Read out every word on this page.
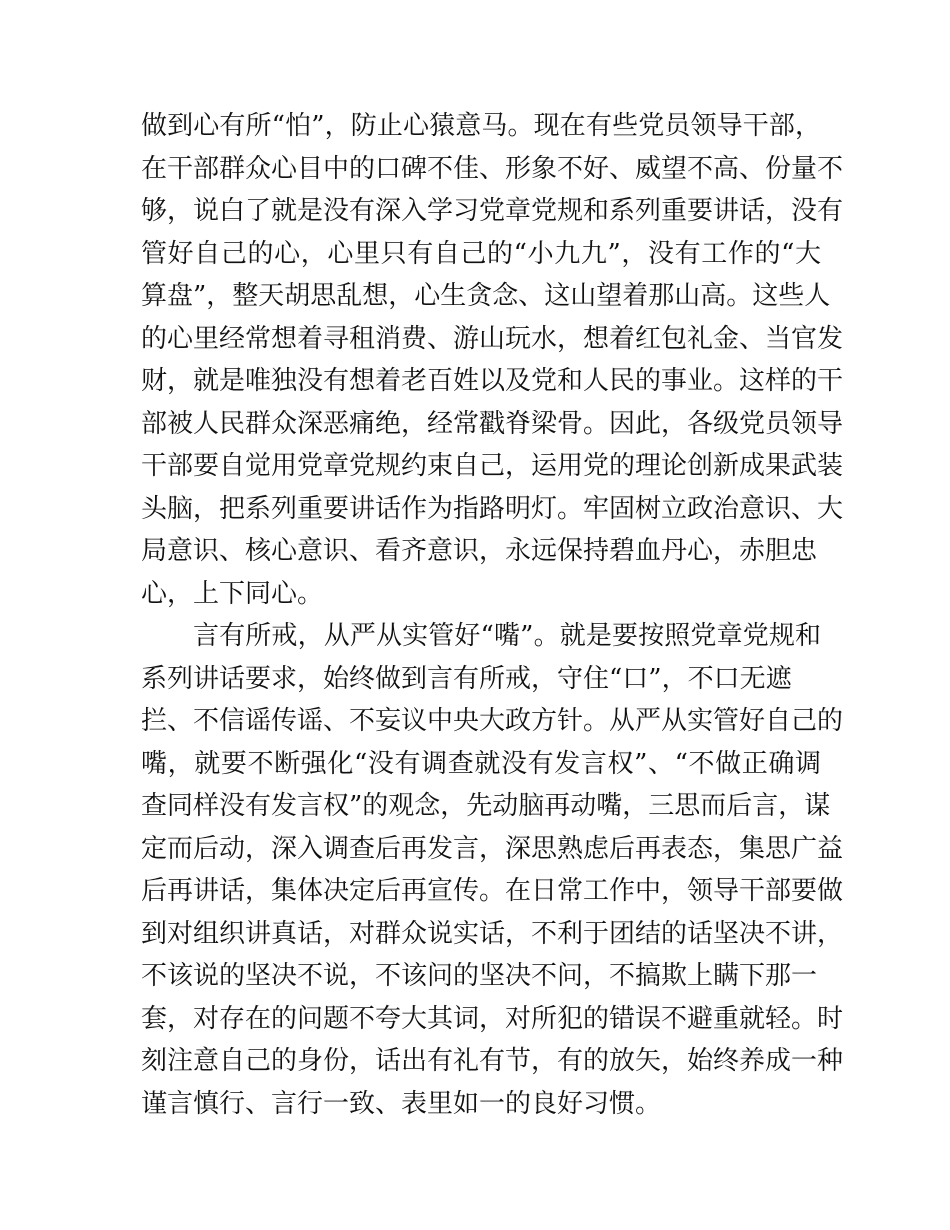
做到心有所“怕”，防止心猿意马。现在有些党员领导干部，
在干部群众心目中的口碑不佳、形象不好、威望不高、份量不
够，说白了就是没有深入学习党章党规和系列重要讲话，没有
管好自己的心，心里只有自己的“小九九”，没有工作的“大
算盘”，整天胡思乱想，心生贪念、这山望着那山高。这些人
的心里经常想着寻租消费、游山玩水，想着红包礼金、当官发
财，就是唯独没有想着老百姓以及党和人民的事业。这样的干
部被人民群众深恶痛绝，经常戳脊梁骨。因此，各级党员领导
干部要自觉用党章党规约束自己，运用党的理论创新成果武装
头脑，把系列重要讲话作为指路明灯。牢固树立政治意识、大
局意识、核心意识、看齐意识，永远保持碧血丹心，赤胆忠
心，上下同心。
言有所戒，从严从实管好“嘴”。就是要按照党章党规和
系列讲话要求，始终做到言有所戒，守住“口”，不口无遮
拦、不信谣传谣、不妄议中央大政方针。从严从实管好自己的
嘴，就要不断强化“没有调查就没有发言权”、“不做正确调
查同样没有发言权”的观念，先动脑再动嘴，三思而后言，谋
定而后动，深入调查后再发言，深思熟虑后再表态，集思广益
后再讲话，集体决定后再宣传。在日常工作中，领导干部要做
到对组织讲真话，对群众说实话，不利于团结的话坚决不讲，
不该说的坚决不说，不该问的坚决不问，不搞欺上瞒下那一
套，对存在的问题不夸大其词，对所犯的错误不避重就轻。时
刻注意自己的身份，话出有礼有节，有的放矢，始终养成一种
谨言慎行、言行一致、表里如一的良好习惯。
